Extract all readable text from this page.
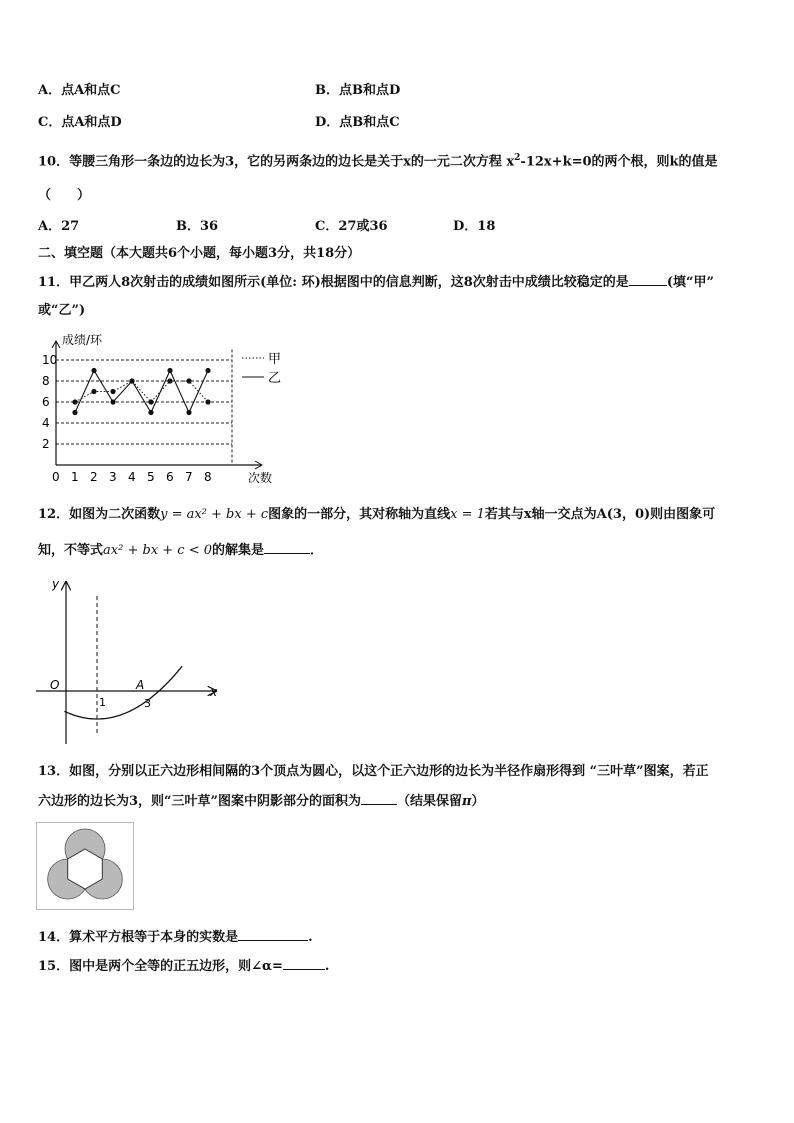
A．点A和点C	B．点B和点D
C．点A和点D	D．点B和点C
10．等腰三角形一条边的边长为3，它的另两条边的边长是关于x的一元二次方程 $x^2-12x+k=0$的两个根，则k的值是
（　　）
A．27	B．36	C．27或36	D．18
二、填空题（本大题共6个小题，每小题3分，共18分）
11．甲乙两人8次射击的成绩如图所示(单位: 环)根据图中的信息判断，这8次射击中成绩比较稳定的是	(填“甲”
或“乙”)
2
4
6
8
10
0 1 2 3 4 5 6 7 8
成绩/环
次数
甲
乙
12．如图为二次函数y = ax² + bx + c图象的一部分，其对称轴为直线x = 1若其与x轴一交点为A(3，0)则由图象可
知，不等式ax² + bx + c < 0的解集是	．
y
x
O	A
1	3
13．如图，分别以正六边形相间隔的3个顶点为圆心，以这个正六边形的边长为半径作扇形得到 “三叶草”图案，若正
六边形的边长为3，则“三叶草”图案中阴影部分的面积为	（结果保留π）
14．算术平方根等于本身的实数是	.
15．图中是两个全等的正五边形，则∠α=	.
